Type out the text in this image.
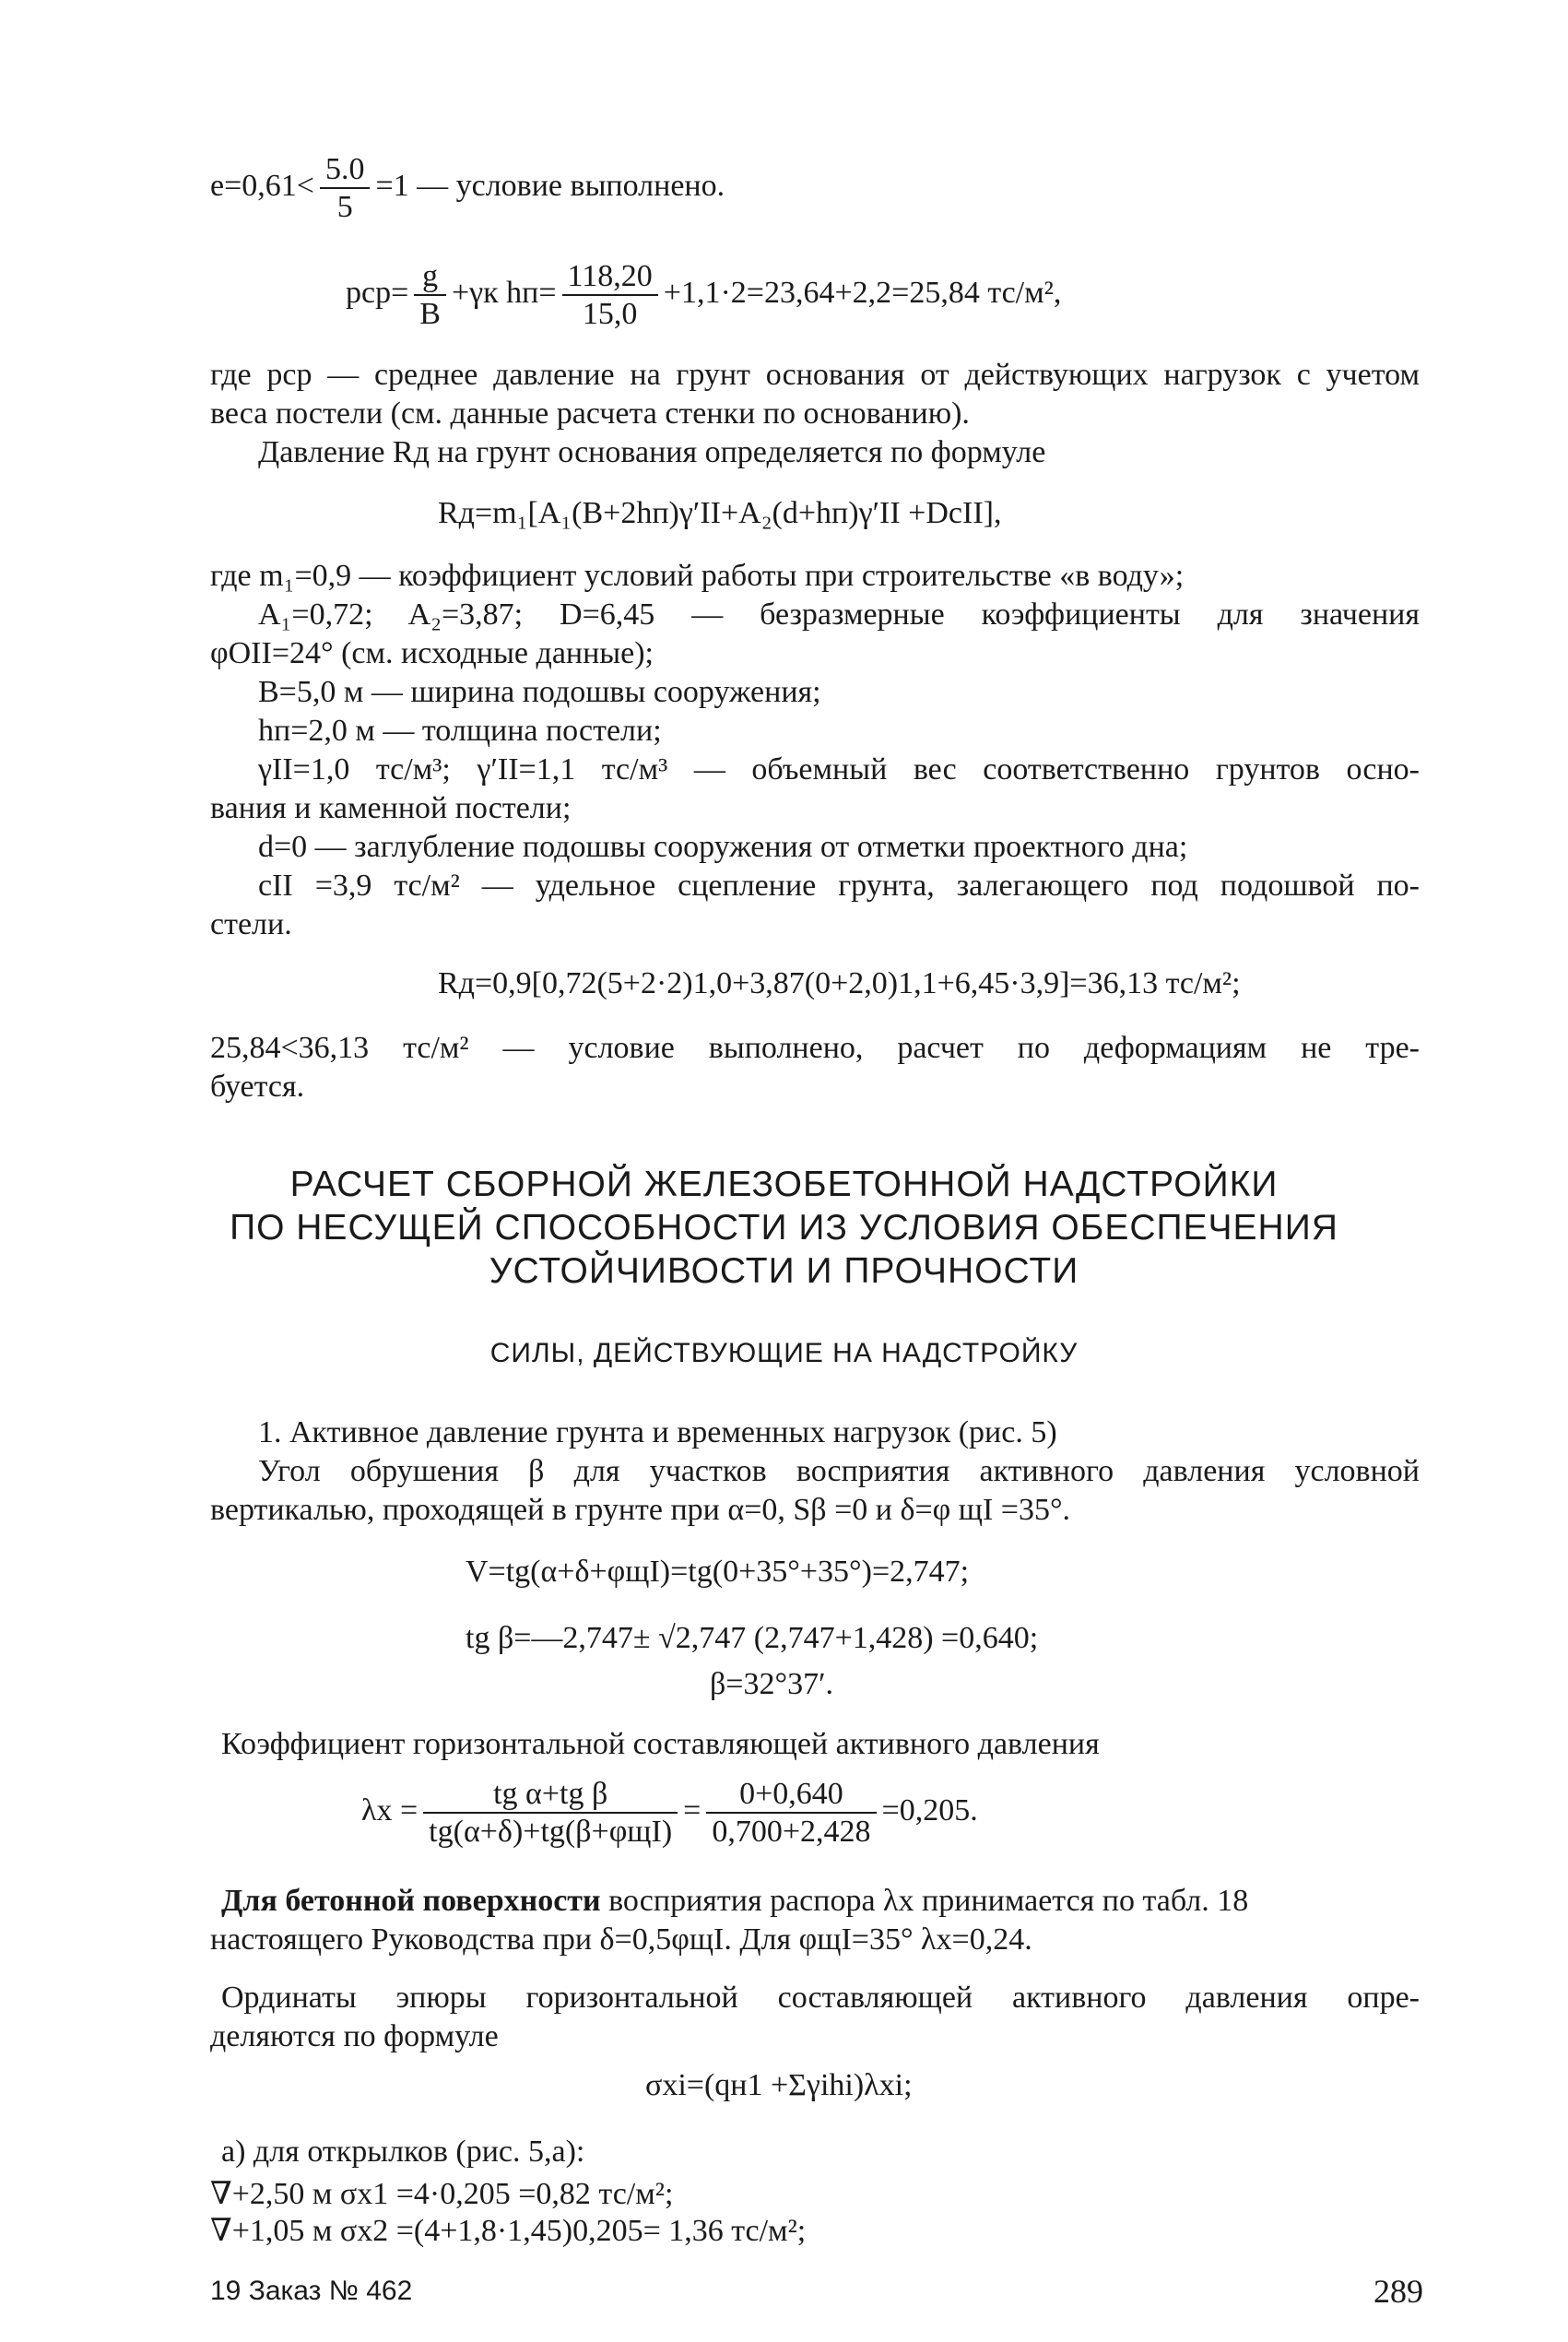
$e=0,61< \frac{5.0}{5} =1$ — условие выполнено.
$pср= \frac{g}{B} +\gamma к$ $hп= \frac{118,20}{15,0} +1,1\cdot 2=23,64+2,2=25,84$ тс/м²,
где pср — среднее давление на грунт основания от действующих нагрузок с учетом
веса постели (см. данные расчета стенки по основанию).
Давление Rд на грунт основания определяется по формуле
Rд=m₁[A₁(B+2hп)γ′II+A₂(d+hп)γ′II +DcII],
где m₁=0,9 — коэффициент условий работы при строительстве «в воду»;
A₁=0,72; A₂=3,87; D=6,45 — безразмерные коэффициенты для значения
φOII=24° (см. исходные данные);
B=5,0 м — ширина подошвы сооружения;
hп=2,0 м — толщина постели;
γII=1,0 тс/м³; γ′II=1,1 тс/м³ — объемный вес соответственно грунтов осно-
вания и каменной постели;
d=0 — заглубление подошвы сооружения от отметки проектного дна;
cII =3,9 тс/м² — удельное сцепление грунта, залегающего под подошвой по-
стели.
Rд=0,9[0,72(5+2·2)1,0+3,87(0+2,0)1,1+6,45·3,9]=36,13 тс/м²;
25,84<36,13 тс/м² — условие выполнено, расчет по деформациям не тре-
буется.
РАСЧЕТ СБОРНОЙ ЖЕЛЕЗОБЕТОННОЙ НАДСТРОЙКИ
ПО НЕСУЩЕЙ СПОСОБНОСТИ ИЗ УСЛОВИЯ ОБЕСПЕЧЕНИЯ
УСТОЙЧИВОСТИ И ПРОЧНОСТИ
СИЛЫ, ДЕЙСТВУЮЩИЕ НА НАДСТРОЙКУ
1. Активное давление грунта и временных нагрузок (рис. 5)
Угол обрушения β для участков восприятия активного давления условной
вертикалью, проходящей в грунте при α=0, Sβ =0 и δ=φ щI =35°.
V=tg(α+δ+φщI)=tg(0+35°+35°)=2,747;
tg β=—2,747± √2,747 (2,747+1,428) =0,640;
β=32°37′.
Коэффициент горизонтальной составляющей активного давления
$\lambda x = \frac{\text{tg α+tg β}}{\text{tg(α+δ)+tg(β+φщI)}} = \frac{0+0,640}{0,700+2,428} =0,205$.
Для бетонной поверхности восприятия распора λx принимается по табл. 18
настоящего Руководства при δ=0,5φщI. Для φщI=35° λx=0,24.
Ординаты эпюры горизонтальной составляющей активного давления опре-
деляются по формуле
σxi=(qн1 +Σγihi)λxi;
а) для открылков (рис. 5,а):
∇+2,50 м σx1 =4·0,205 =0,82 тс/м²;
∇+1,05 м σx2 =(4+1,8·1,45)0,205= 1,36 тс/м²;
19 Заказ № 462	289
